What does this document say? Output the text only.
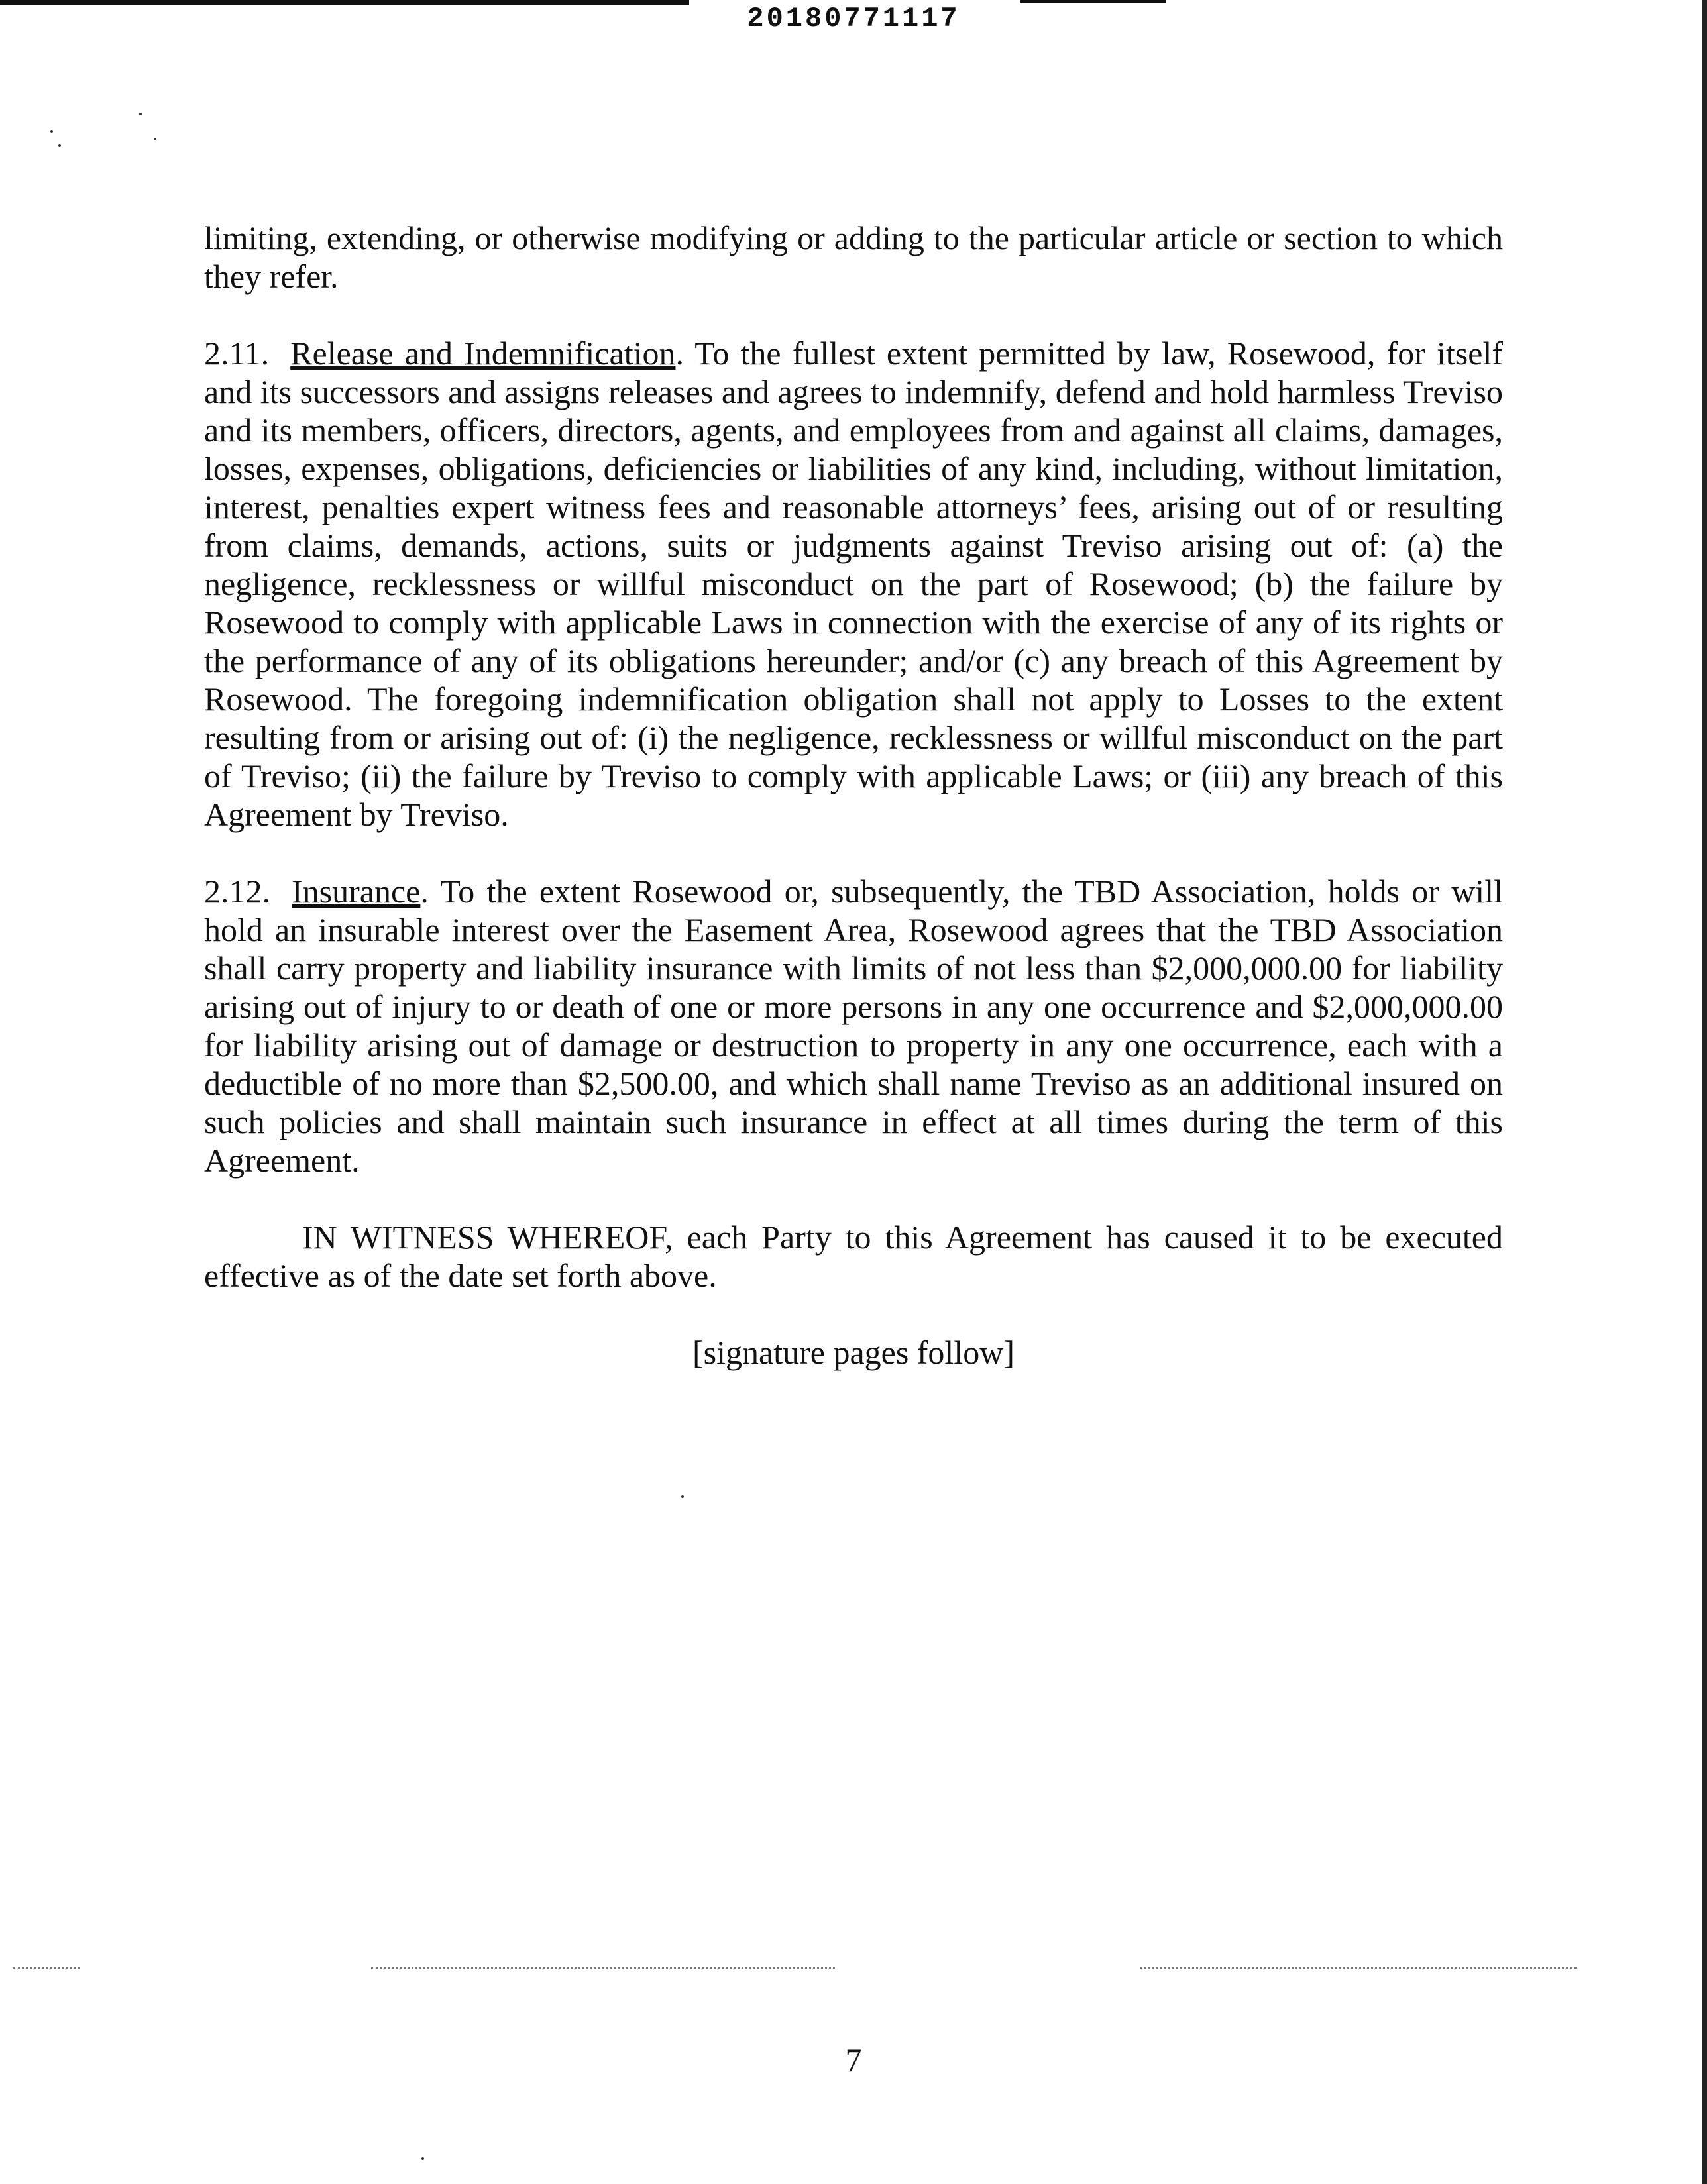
20180771117

limiting, extending, or otherwise modifying or adding to the particular article or section to which they refer.

2.11. Release and Indemnification. To the fullest extent permitted by law, Rosewood, for itself and its successors and assigns releases and agrees to indemnify, defend and hold harmless Treviso and its members, officers, directors, agents, and employees from and against all claims, damages, losses, expenses, obligations, deficiencies or liabilities of any kind, including, without limitation, interest, penalties expert witness fees and reasonable attorneys’ fees, arising out of or resulting from claims, demands, actions, suits or judgments against Treviso arising out of: (a) the negligence, recklessness or willful misconduct on the part of Rosewood; (b) the failure by Rosewood to comply with applicable Laws in connection with the exercise of any of its rights or the performance of any of its obligations hereunder; and/or (c) any breach of this Agreement by Rosewood. The foregoing indemnification obligation shall not apply to Losses to the extent resulting from or arising out of: (i) the negligence, recklessness or willful misconduct on the part of Treviso; (ii) the failure by Treviso to comply with applicable Laws; or (iii) any breach of this Agreement by Treviso.

2.12. Insurance. To the extent Rosewood or, subsequently, the TBD Association, holds or will hold an insurable interest over the Easement Area, Rosewood agrees that the TBD Association shall carry property and liability insurance with limits of not less than $2,000,000.00 for liability arising out of injury to or death of one or more persons in any one occurrence and $2,000,000.00 for liability arising out of damage or destruction to property in any one occurrence, each with a deductible of no more than $2,500.00, and which shall name Treviso as an additional insured on such policies and shall maintain such insurance in effect at all times during the term of this Agreement.

IN WITNESS WHEREOF, each Party to this Agreement has caused it to be executed effective as of the date set forth above.

[signature pages follow]

7
